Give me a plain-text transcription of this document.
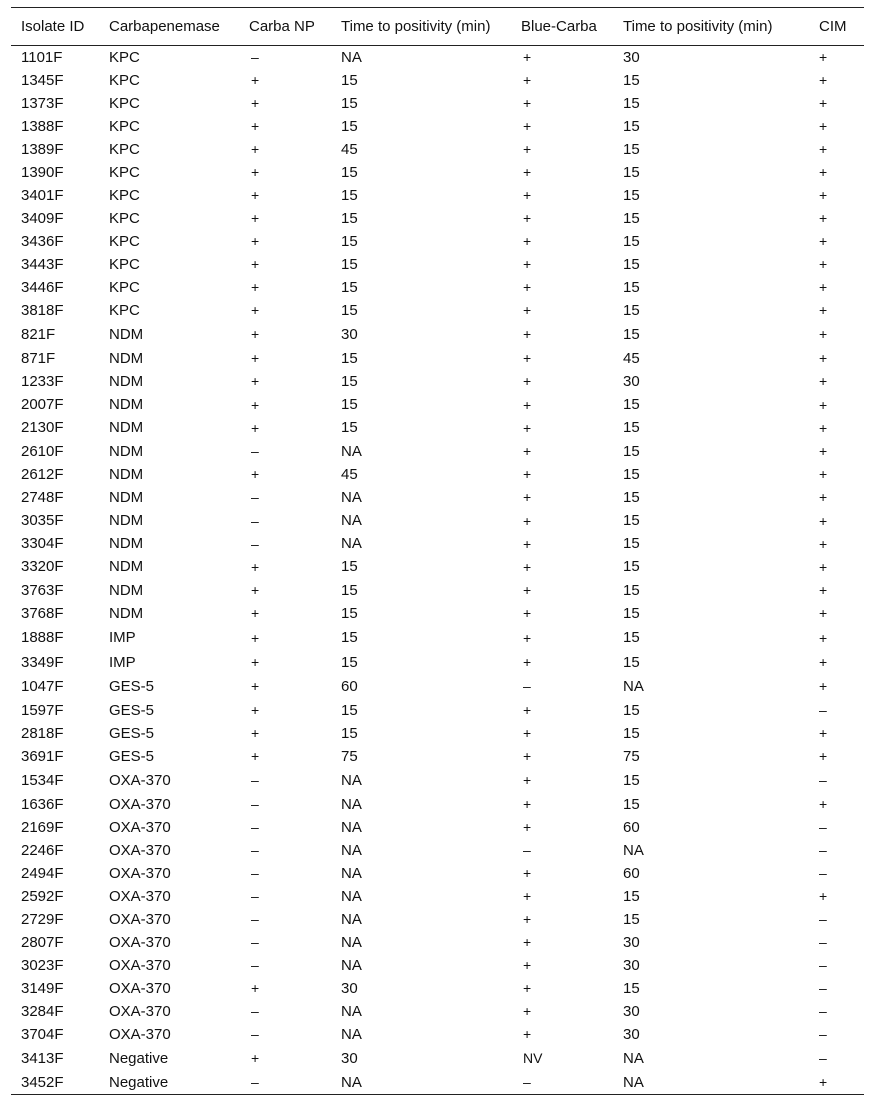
Isolate ID	Carbapenemase	Carba NP	Time to positivity (min)	Blue-Carba	Time to positivity (min)	CIM
1101F	KPC	–	NA	+	30	+
1345F	KPC	+	15	+	15	+
1373F	KPC	+	15	+	15	+
1388F	KPC	+	15	+	15	+
1389F	KPC	+	45	+	15	+
1390F	KPC	+	15	+	15	+
3401F	KPC	+	15	+	15	+
3409F	KPC	+	15	+	15	+
3436F	KPC	+	15	+	15	+
3443F	KPC	+	15	+	15	+
3446F	KPC	+	15	+	15	+
3818F	KPC	+	15	+	15	+
821F	NDM	+	30	+	15	+
871F	NDM	+	15	+	45	+
1233F	NDM	+	15	+	30	+
2007F	NDM	+	15	+	15	+
2130F	NDM	+	15	+	15	+
2610F	NDM	–	NA	+	15	+
2612F	NDM	+	45	+	15	+
2748F	NDM	–	NA	+	15	+
3035F	NDM	–	NA	+	15	+
3304F	NDM	–	NA	+	15	+
3320F	NDM	+	15	+	15	+
3763F	NDM	+	15	+	15	+
3768F	NDM	+	15	+	15	+
1888F	IMP	+	15	+	15	+
3349F	IMP	+	15	+	15	+
1047F	GES-5	+	60	–	NA	+
1597F	GES-5	+	15	+	15	–
2818F	GES-5	+	15	+	15	+
3691F	GES-5	+	75	+	75	+
1534F	OXA-370	–	NA	+	15	–
1636F	OXA-370	–	NA	+	15	+
2169F	OXA-370	–	NA	+	60	–
2246F	OXA-370	–	NA	–	NA	–
2494F	OXA-370	–	NA	+	60	–
2592F	OXA-370	–	NA	+	15	+
2729F	OXA-370	–	NA	+	15	–
2807F	OXA-370	–	NA	+	30	–
3023F	OXA-370	–	NA	+	30	–
3149F	OXA-370	+	30	+	15	–
3284F	OXA-370	–	NA	+	30	–
3704F	OXA-370	–	NA	+	30	–
3413F	Negative	+	30	NV	NA	–
3452F	Negative	–	NA	–	NA	+
